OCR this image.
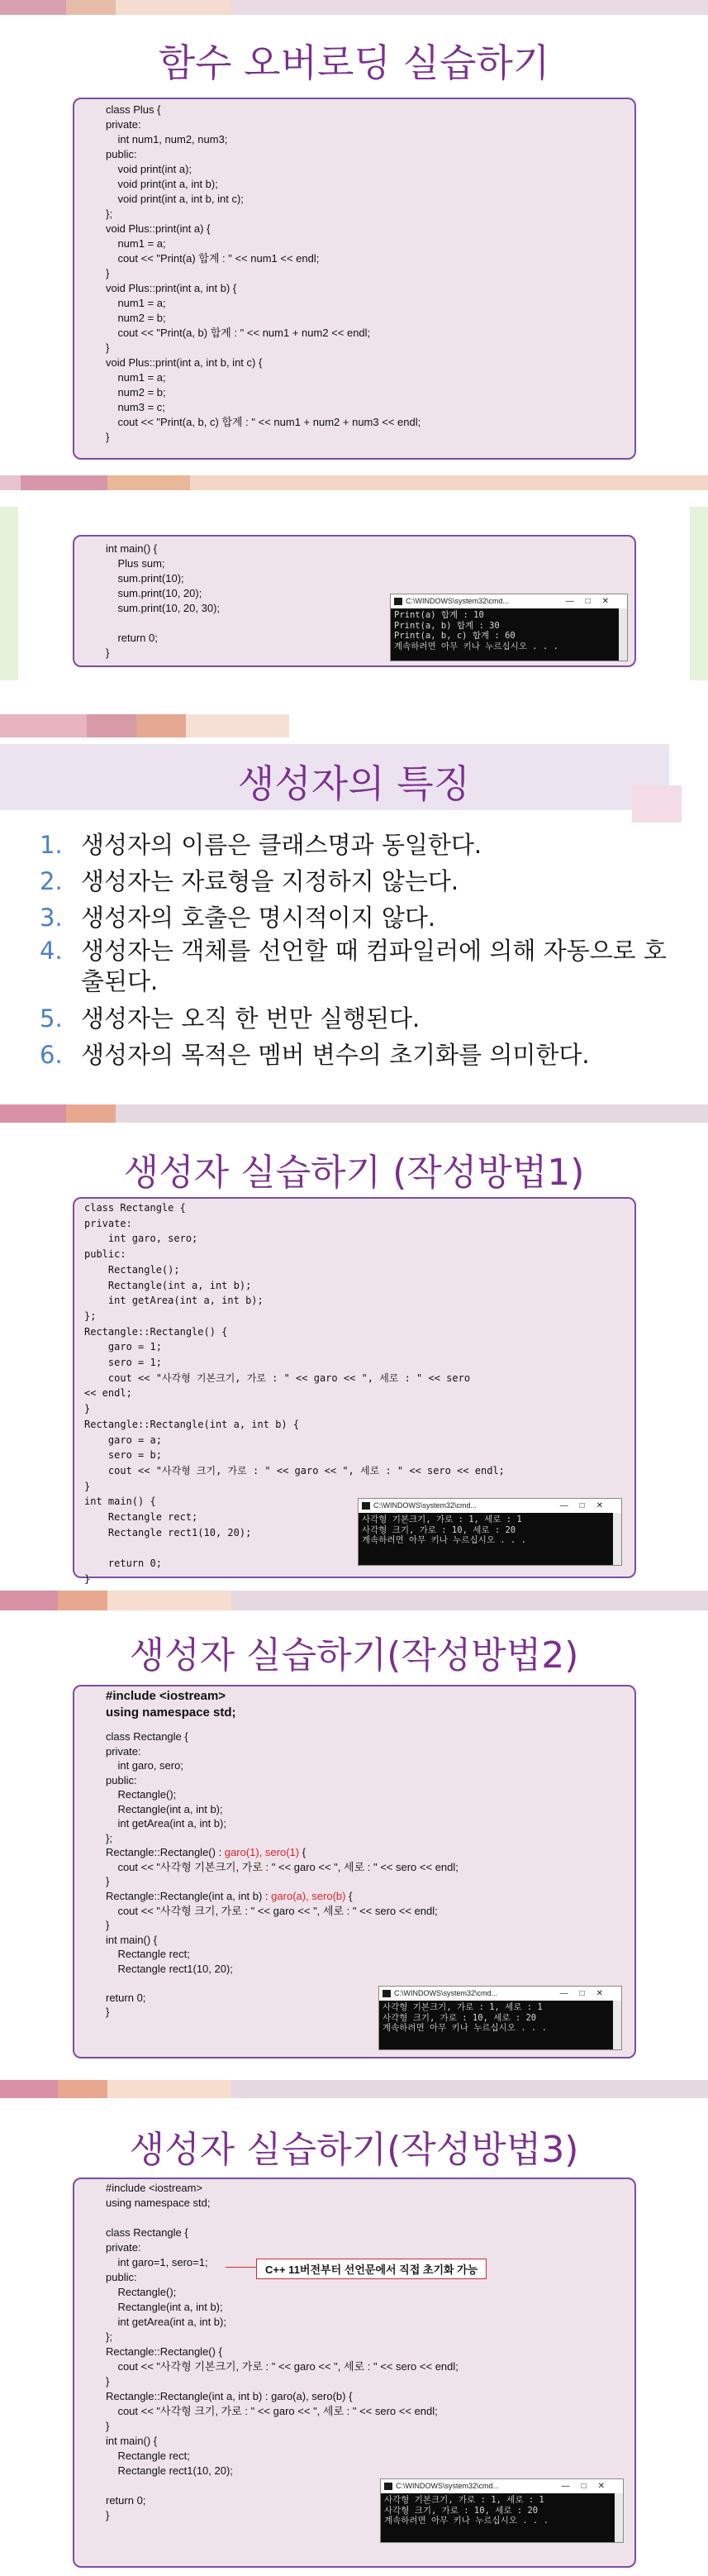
함수 오버로딩 실습하기
class Plus {
private:
int num1, num2, num3;
public:
void print(int a);
void print(int a, int b);
void print(int a, int b, int c);
};
void Plus::print(int a) {
num1 = a;
cout << "Print(a) 합계 : " << num1 << endl;
}
void Plus::print(int a, int b) {
num1 = a;
num2 = b;
cout << "Print(a, b) 합계 : " << num1 + num2 << endl;
}
void Plus::print(int a, int b, int c) {
num1 = a;
num2 = b;
num3 = c;
cout << "Print(a, b, c) 합계 : " << num1 + num2 + num3 << endl;
}
int main() {
Plus sum;
sum.print(10);
sum.print(10, 20);
sum.print(10, 20, 30);

return 0;
}
C:\WINDOWS\system32\cmd...	—□✕
Print(a) 합계 : 10
Print(a, b) 합계 : 30
Print(a, b, c) 합계 : 60
계속하려면 아무 키나 누르십시오 . . .
생성자의 특징
1. 생성자의 이름은 클래스명과 동일한다.
2. 생성자는 자료형을 지정하지 않는다.
3. 생성자의 호출은 명시적이지 않다.
4. 생성자는 객체를 선언할 때 컴파일러에 의해 자동으로 호출된다.
5. 생성자는 오직 한 번만 실행된다.
6. 생성자의 목적은 멤버 변수의 초기화를 의미한다.
생성자 실습하기 (작성방법1)
class Rectangle {
private:
int garo, sero;
public:
Rectangle();
Rectangle(int a, int b);
int getArea(int a, int b);
};
Rectangle::Rectangle() {
garo = 1;
sero = 1;
cout << "사각형 기본크기, 가로 : " << garo << ", 세로 : " << sero
<< endl;
}
Rectangle::Rectangle(int a, int b) {
garo = a;
sero = b;
cout << "사각형 크기, 가로 : " << garo << ", 세로 : " << sero << endl;
}
int main() {
Rectangle rect;
Rectangle rect1(10, 20);

return 0;
}
C:\WINDOWS\system32\cmd...	—□✕
사각형 기본크기, 가로 : 1, 세로 : 1
사각형 크기, 가로 : 10, 세로 : 20
계속하려면 아무 키나 누르십시오 . . .
생성자 실습하기(작성방법2)
#include <iostream>
using namespace std;
class Rectangle {
private:
int garo, sero;
public:
Rectangle();
Rectangle(int a, int b);
int getArea(int a, int b);
};
Rectangle::Rectangle() : garo(1), sero(1) {
cout << "사각형 기본크기, 가로 : " << garo << ", 세로 : " << sero << endl;
}
Rectangle::Rectangle(int a, int b) : garo(a), sero(b) {
cout << "사각형 크기, 가로 : " << garo << ", 세로 : " << sero << endl;
}
int main() {
Rectangle rect;
Rectangle rect1(10, 20);

return 0;
}
C:\WINDOWS\system32\cmd...	—□✕
사각형 기본크기, 가로 : 1, 세로 : 1
사각형 크기, 가로 : 10, 세로 : 20
계속하려면 아무 키나 누르십시오 . . .
생성자 실습하기(작성방법3)
#include <iostream>
using namespace std;

class Rectangle {
private:
int garo=1, sero=1;
public:
Rectangle();
Rectangle(int a, int b);
int getArea(int a, int b);
};
Rectangle::Rectangle() {
cout << "사각형 기본크기, 가로 : " << garo << ", 세로 : " << sero << endl;
}
Rectangle::Rectangle(int a, int b) : garo(a), sero(b) {
cout << "사각형 크기, 가로 : " << garo << ", 세로 : " << sero << endl;
}
int main() {
Rectangle rect;
Rectangle rect1(10, 20);

return 0;
}
C++ 11버전부터 선언문에서 직접 초기화 가능
C:\WINDOWS\system32\cmd...	—□✕
사각형 기본크기, 가로 : 1, 세로 : 1
사각형 크기, 가로 : 10, 세로 : 20
계속하려면 아무 키나 누르십시오 . . .
